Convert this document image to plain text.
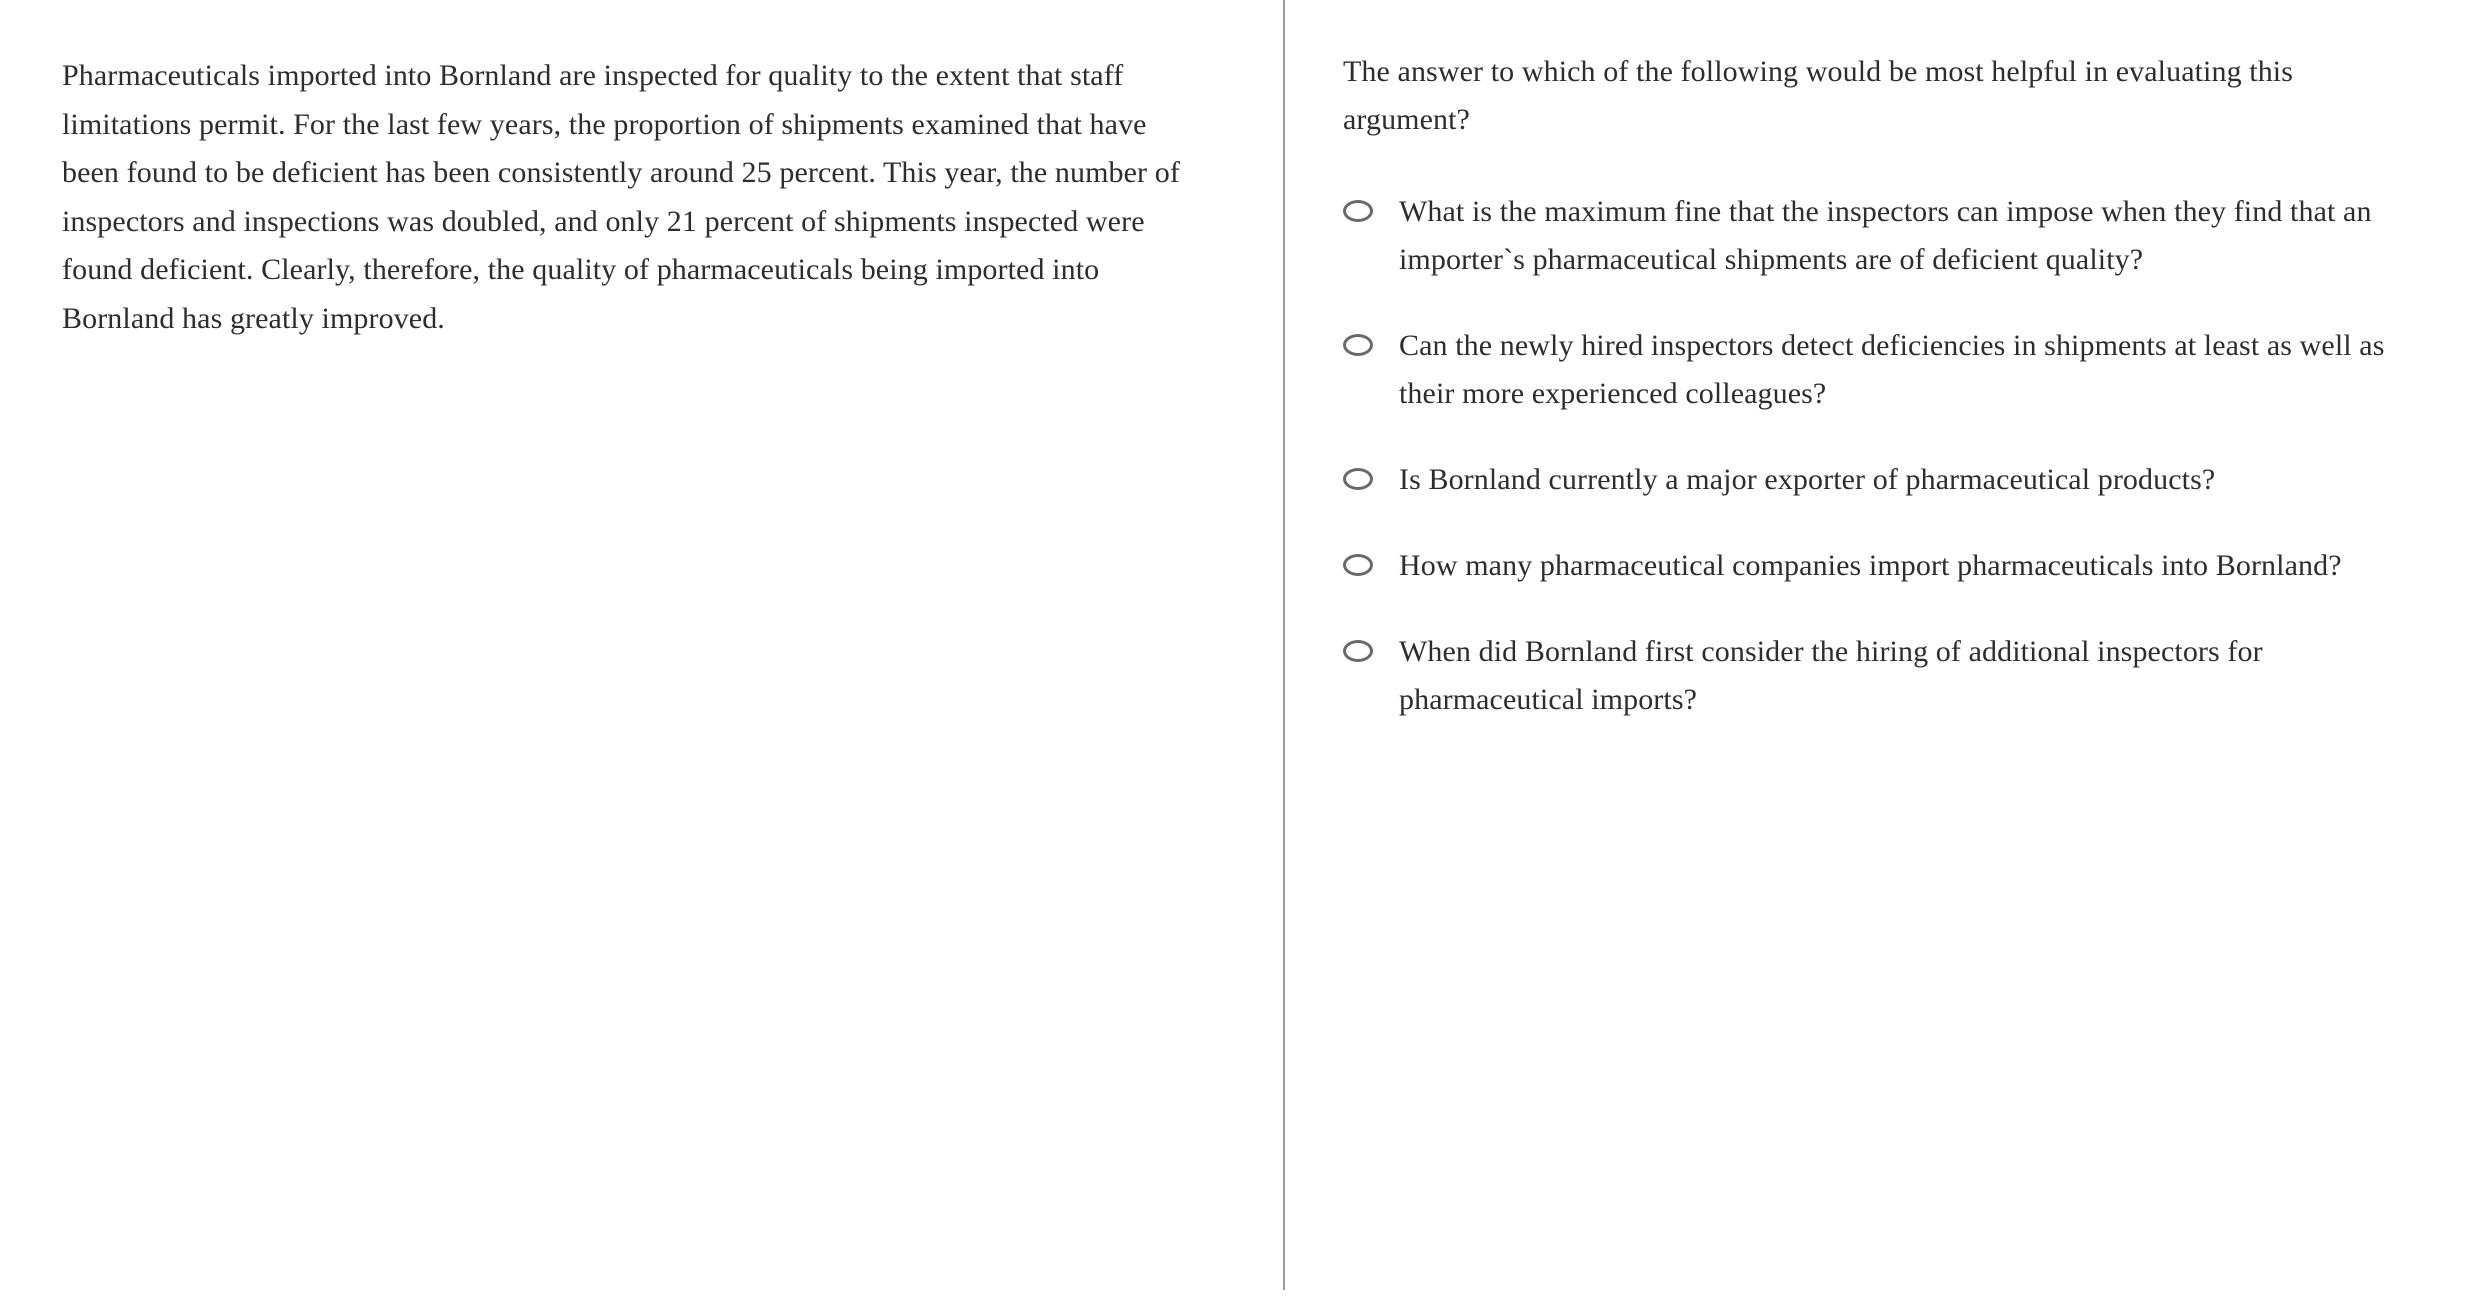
Pharmaceuticals imported into Bornland are inspected for quality to the extent that staff limitations permit. For the last few years, the proportion of shipments examined that have been found to be deficient has been consistently around 25 percent. This year, the number of inspectors and inspections was doubled, and only 21 percent of shipments inspected were found deficient. Clearly, therefore, the quality of pharmaceuticals being imported into Bornland has greatly improved.
The answer to which of the following would be most helpful in evaluating this argument?
What is the maximum fine that the inspectors can impose when they find that an importer`s pharmaceutical shipments are of deficient quality?
Can the newly hired inspectors detect deficiencies in shipments at least as well as their more experienced colleagues?
Is Bornland currently a major exporter of pharmaceutical products?
How many pharmaceutical companies import pharmaceuticals into Bornland?
When did Bornland first consider the hiring of additional inspectors for pharmaceutical imports?
